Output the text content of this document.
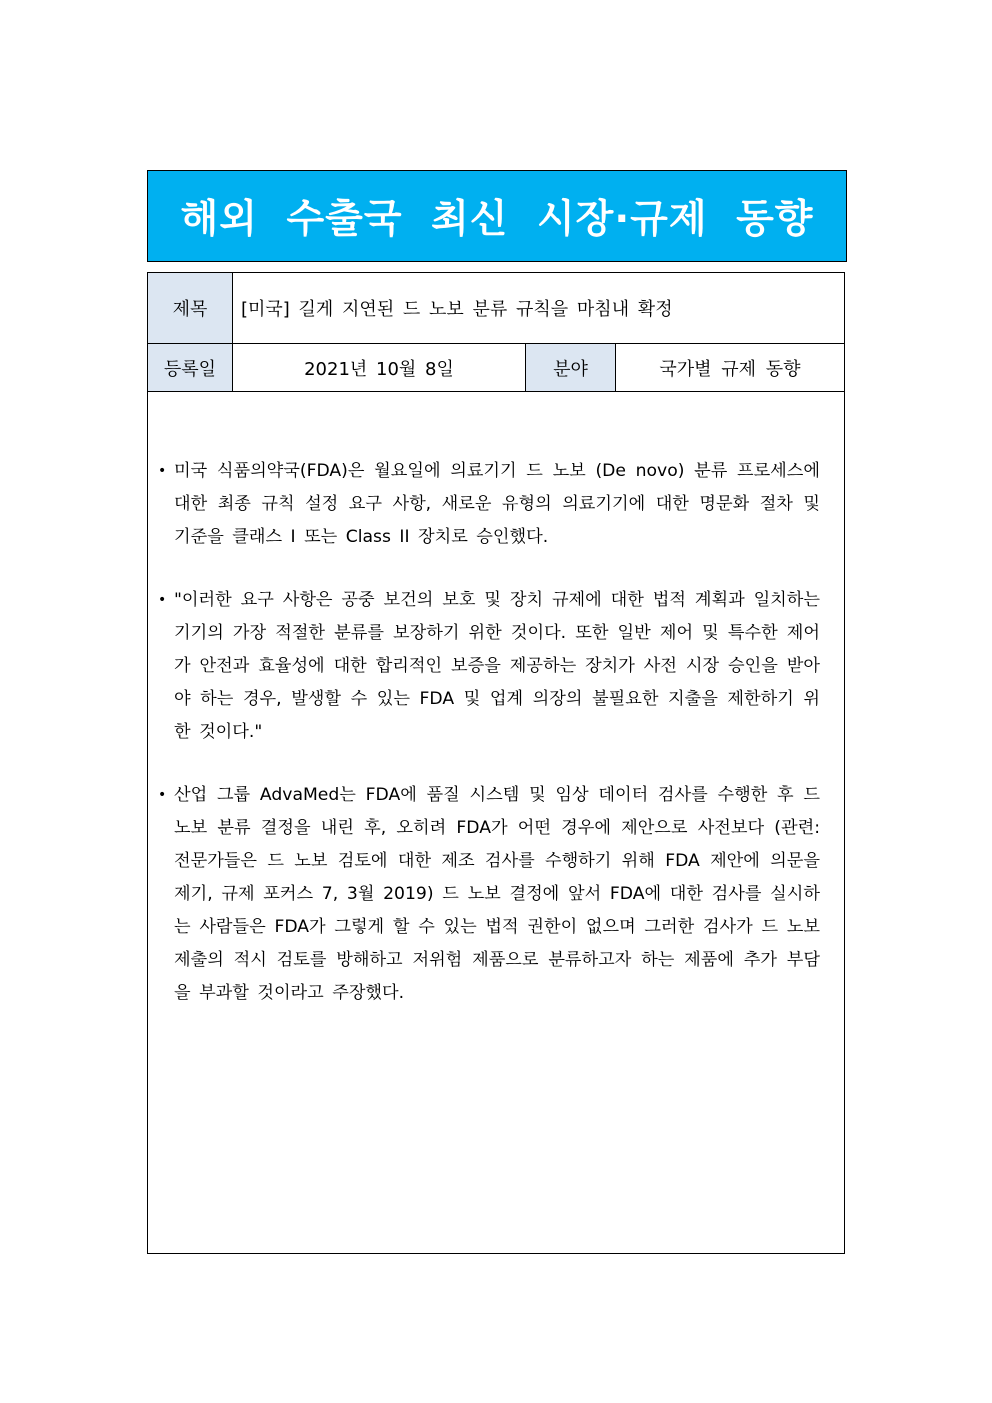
해외 수출국 최신 시장·규제 동향
제목	[미국] 길게 지연된 드 노보 분류 규칙을 마침내 확정
등록일	2021년 10월 8일	분야	국가별 규제 동향
• 미국 식품의약국(FDA)은 월요일에 의료기기 드 노보 (De novo) 분류 프로세스에 대한 최종 규칙 설정 요구 사항, 새로운 유형의 의료기기에 대한 명문화 절차 및 기준을 클래스 I 또는 Class II 장치로 승인했다.
• "이러한 요구 사항은 공중 보건의 보호 및 장치 규제에 대한 법적 계획과 일치하는 기기의 가장 적절한 분류를 보장하기 위한 것이다. 또한 일반 제어 및 특수한 제어가 안전과 효율성에 대한 합리적인 보증을 제공하는 장치가 사전 시장 승인을 받아야 하는 경우, 발생할 수 있는 FDA 및 업계 의장의 불필요한 지출을 제한하기 위한 것이다."
• 산업 그룹 AdvaMed는 FDA에 품질 시스템 및 임상 데이터 검사를 수행한 후 드 노보 분류 결정을 내린 후, 오히려 FDA가 어떤 경우에 제안으로 사전보다 (관련: 전문가들은 드 노보 검토에 대한 제조 검사를 수행하기 위해 FDA 제안에 의문을 제기, 규제 포커스 7, 3월 2019) 드 노보 결정에 앞서 FDA에 대한 검사를 실시하는 사람들은 FDA가 그렇게 할 수 있는 법적 권한이 없으며 그러한 검사가 드 노보 제출의 적시 검토를 방해하고 저위험 제품으로 분류하고자 하는 제품에 추가 부담을 부과할 것이라고 주장했다.
